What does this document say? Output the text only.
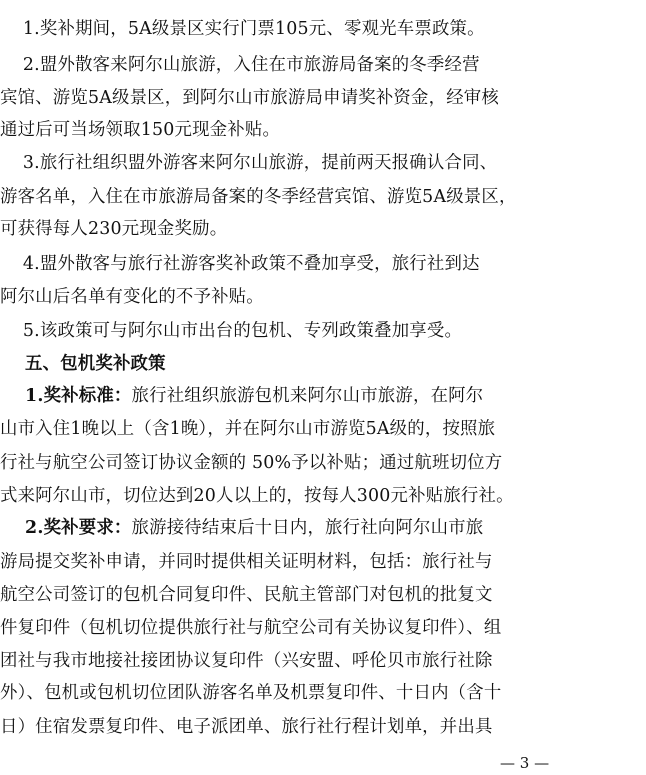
1.奖补期间，5A级景区实行门票105元、零观光车票政策。
2.盟外散客来阿尔山旅游，入住在市旅游局备案的冬季经营
宾馆、游览5A级景区，到阿尔山市旅游局申请奖补资金，经审核
通过后可当场领取150元现金补贴。
3.旅行社组织盟外游客来阿尔山旅游，提前两天报确认合同、
游客名单，入住在市旅游局备案的冬季经营宾馆、游览5A级景区，
可获得每人230元现金奖励。
4.盟外散客与旅行社游客奖补政策不叠加享受，旅行社到达
阿尔山后名单有变化的不予补贴。
5.该政策可与阿尔山市出台的包机、专列政策叠加享受。
五、包机奖补政策
1.奖补标准：旅行社组织旅游包机来阿尔山市旅游，在阿尔
山市入住1晚以上（含1晚），并在阿尔山市游览5A级的，按照旅
行社与航空公司签订协议金额的 50%予以补贴；通过航班切位方
式来阿尔山市，切位达到20人以上的，按每人300元补贴旅行社。
2.奖补要求：旅游接待结束后十日内，旅行社向阿尔山市旅
游局提交奖补申请，并同时提供相关证明材料，包括：旅行社与
航空公司签订的包机合同复印件、民航主管部门对包机的批复文
件复印件（包机切位提供旅行社与航空公司有关协议复印件）、组
团社与我市地接社接团协议复印件（兴安盟、呼伦贝市旅行社除
外）、包机或包机切位团队游客名单及机票复印件、十日内（含十
日）住宿发票复印件、电子派团单、旅行社行程计划单，并出具
— 3 —
